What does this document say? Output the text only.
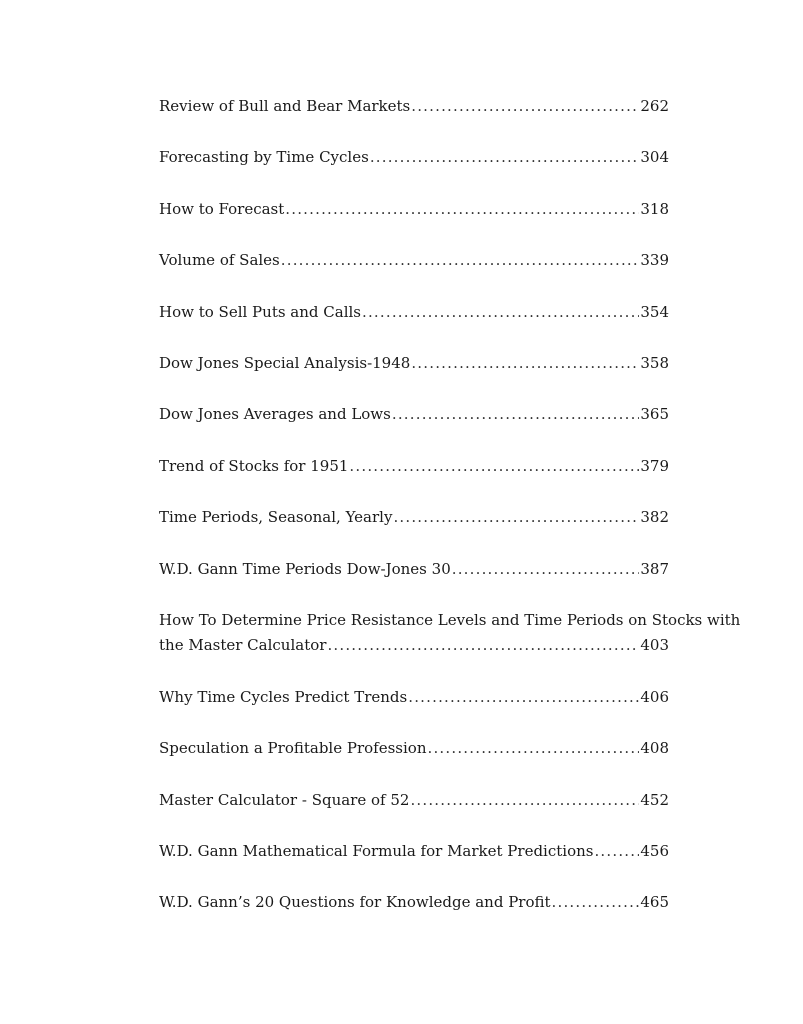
Review of Bull and Bear Markets .....	262
Forecasting by Time Cycles .....	304
How to Forecast .....	318
Volume of Sales .....	339
How to Sell Puts and Calls .....	354
Dow Jones Special Analysis-1948 .....	358
Dow Jones Averages and Lows .....	365
Trend of Stocks for 1951 .....	379
Time Periods, Seasonal, Yearly .....	382
W.D. Gann Time Periods Dow-Jones 30 .....	387
How To Determine Price Resistance Levels and Time Periods on Stocks with
the Master Calculator .....	403
Why Time Cycles Predict Trends .....	406
Speculation a Profitable Profession .....	408
Master Calculator - Square of 52 .....	452
W.D. Gann Mathematical Formula for Market Predictions .....	456
W.D. Gann’s 20 Questions for Knowledge and Profit .....	465
